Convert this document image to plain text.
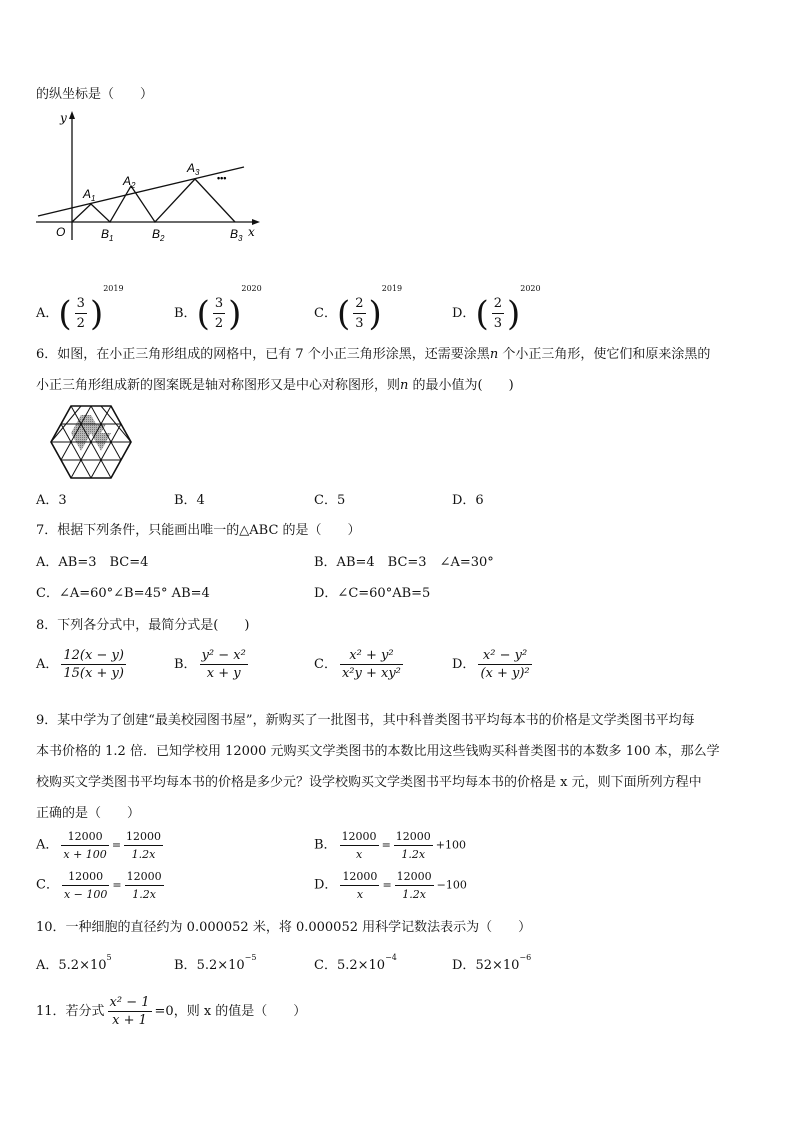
的纵坐标是（　　）
y
x
O
$A_1$
$A_2$
$A_3$
•••
$B_1$	$B_2$	$B_3$
A．( $\frac{3}{2} )^{2019}$
B．( $\frac{3}{2} )^{2020}$
C．( $\frac{2}{3} )^{2019}$
D．( $\frac{2}{3} )^{2020}$
6．如图，在小正三角形组成的网格中，已有 7 个小正三角形涂黑，还需要涂黑n 个小正三角形，使它们和原来涂黑的
小正三角形组成新的图案既是轴对称图形又是中心对称图形，则n 的最小值为(　　)
A．3	B．4	C．5	D．6
7．根据下列条件，只能画出唯一的△ABC 的是（　　）
A．AB=3　BC=4	B．AB=4　BC=3　∠A=30°
C．∠A=60°∠B=45° AB=4	D．∠C=60°AB=5
8．下列各分式中，最简分式是(　　)
A． $\frac{12(x - y)}{15(x + y)}$	B． $\frac{\text{y² − x²}}{x + y}$	C． $\frac{\text{x² + y²}}{\text{x²y + xy²}}$	D． $\frac{\text{x² − y²}}{\text{(x + y)²}}$
9．某中学为了创建“最美校园图书屋”，新购买了一批图书，其中科普类图书平均每本书的价格是文学类图书平均每
本书价格的 1.2 倍．已知学校用 12000 元购买文学类图书的本数比用这些钱购买科普类图书的本数多 100 本，那么学
校购买文学类图书平均每本书的价格是多少元？设学校购买文学类图书平均每本书的价格是 x 元，则下面所列方程中
正确的是（　　）
A． $\frac{12000}{x + 100} = \frac{12000}{1.2x}$	B． $\frac{12000}{x} = \frac{12000}{1.2x} +100$
C． $\frac{12000}{x - 100} = \frac{12000}{1.2x}$	D． $\frac{12000}{x} = \frac{12000}{1.2x} -100$
10．一种细胞的直径约为 0.000052 米，将 0.000052 用科学记数法表示为（　　）
A．$5.2\times 10^5$
B．$5.2\times 10^{-5}$
C．$5.2\times 10^{-4}$
D．$52\times 10^{-6}$
11．若分式 $\frac{\text{x² − 1}}{x + 1} =0$，则 x 的值是（　　）
